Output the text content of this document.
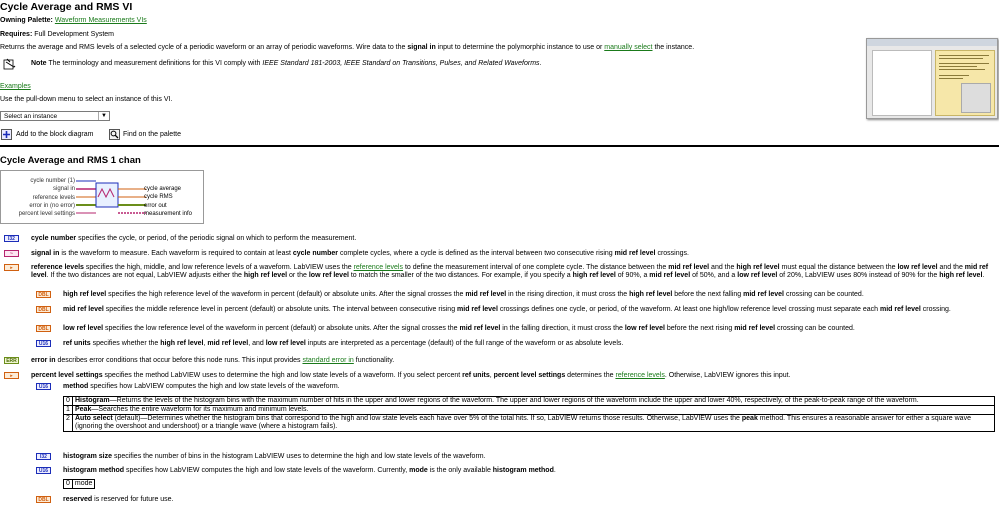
Cycle Average and RMS VI
Owning Palette: Waveform Measurements VIs
Requires: Full Development System
Returns the average and RMS levels of a selected cycle of a periodic waveform or an array of periodic waveforms. Wire data to the signal in input to determine the polymorphic instance to use or manually select the instance.
Note The terminology and measurement definitions for this VI comply with IEEE Standard 181-2003, IEEE Standard on Transitions, Pulses, and Related Waveforms.
Examples
Use the pull-down menu to select an instance of this VI.
Select an instance	▼
Add to the block diagram	Find on the palette
Cycle Average and RMS 1 chan
cycle number (1)
signal in
reference levels
error in (no error)
percent level settings
cycle average
cycle RMS
error out
measurement info
I32	cycle number specifies the cycle, or period, of the periodic signal on which to perform the measurement.
~	signal in is the waveform to measure. Each waveform is required to contain at least cycle number complete cycles, where a cycle is defined as the interval between two consecutive rising mid ref level crossings.
▸	reference levels specifies the high, middle, and low reference levels of a waveform. LabVIEW uses the reference levels to define the measurement interval of one complete cycle. The distance between the mid ref level and the high ref level must equal the distance between the low ref level and the mid ref level. If the two distances are not equal, LabVIEW adjusts either the high ref level or the low ref level to match the smaller of the two distances. For example, if you specify a high ref level of 90%, a mid ref level of 50%, and a low ref level of 20%, LabVIEW uses 80% instead of 90% for the high ref level.
DBL	high ref level specifies the high reference level of the waveform in percent (default) or absolute units. After the signal crosses the mid ref level in the rising direction, it must cross the high ref level before the next falling mid ref level crossing can be counted.
DBL	mid ref level specifies the middle reference level in percent (default) or absolute units. The interval between consecutive rising mid ref level crossings defines one cycle, or period, of the waveform. At least one high/low reference level crossing must separate each mid ref level crossing.
DBL	low ref level specifies the low reference level of the waveform in percent (default) or absolute units. After the signal crosses the mid ref level in the falling direction, it must cross the low ref level before the next rising mid ref level crossing can be counted.
U16	ref units specifies whether the high ref level, mid ref level, and low ref level inputs are interpreted as a percentage (default) of the full range of the waveform or as absolute levels.
ERR	error in describes error conditions that occur before this node runs. This input provides standard error in functionality.
▸	percent level settings specifies the method LabVIEW uses to determine the high and low state levels of a waveform. If you select percent ref units, percent level settings determines the reference levels. Otherwise, LabVIEW ignores this input.
U16	method specifies how LabVIEW computes the high and low state levels of the waveform.
0	Histogram—Returns the levels of the histogram bins with the maximum number of hits in the upper and lower regions of the waveform. The upper and lower regions of the waveform include the upper and lower 40%, respectively, of the peak-to-peak range of the waveform.
1	Peak—Searches the entire waveform for its maximum and minimum levels.
2	Auto select (default)—Determines whether the histogram bins that correspond to the high and low state levels each have over 5% of the total hits. If so, LabVIEW returns those results. Otherwise, LabVIEW uses the peak method. This ensures a reasonable answer for either a square wave (ignoring the overshoot and undershoot) or a triangle wave (where a histogram fails).
I32	histogram size specifies the number of bins in the histogram LabVIEW uses to determine the high and low state levels of the waveform.
U16	histogram method specifies how LabVIEW computes the high and low state levels of the waveform. Currently, mode is the only available histogram method.
0	mode
DBL	reserved is reserved for future use.
